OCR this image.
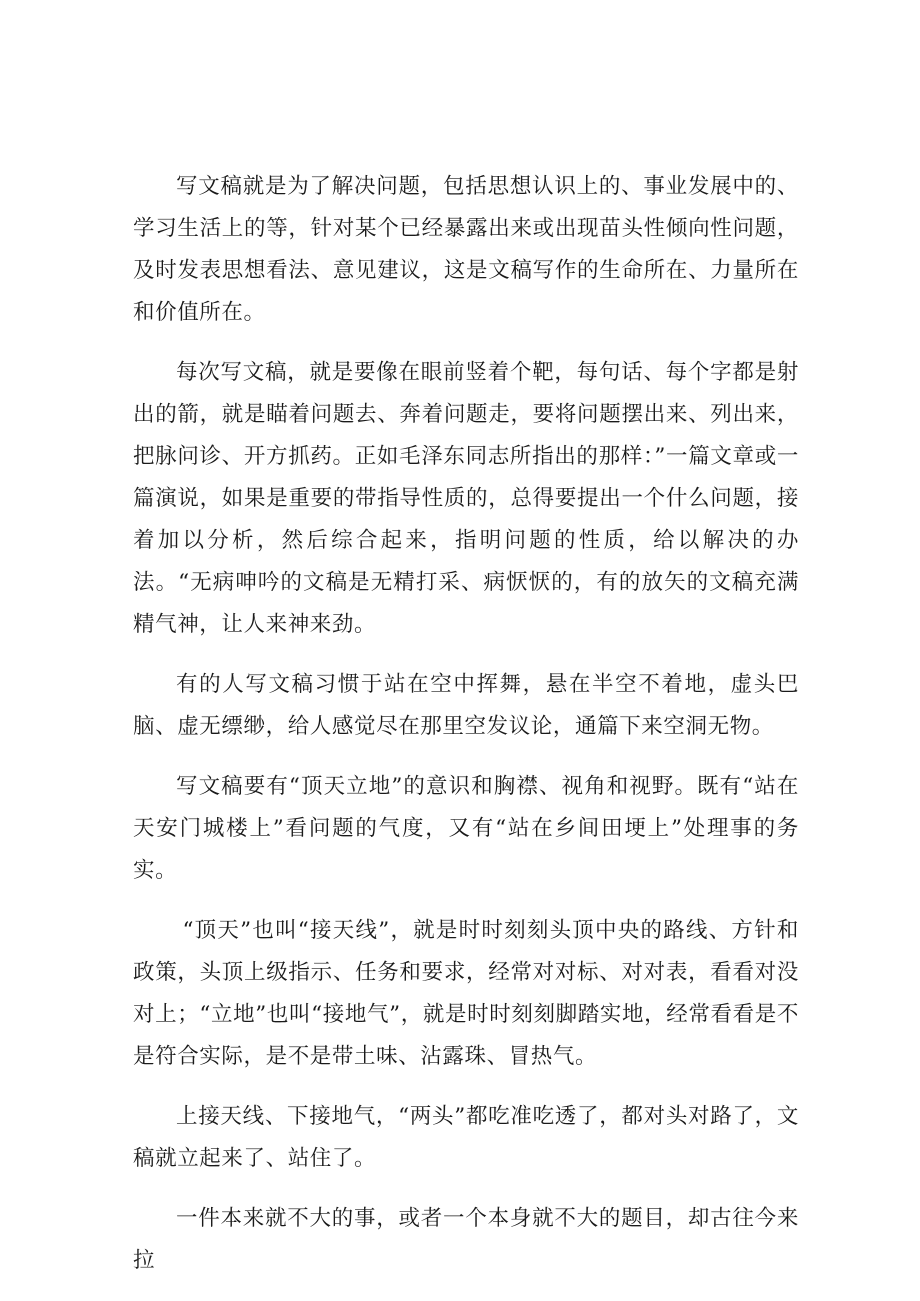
写文稿就是为了解决问题，包括思想认识上的、事业发展中的、学习生活上的等，针对某个已经暴露出来或出现苗头性倾向性问题，及时发表思想看法、意见建议，这是文稿写作的生命所在、力量所在和价值所在。

每次写文稿，就是要像在眼前竖着个靶，每句话、每个字都是射出的箭，就是瞄着问题去、奔着问题走，要将问题摆出来、列出来，把脉问诊、开方抓药。正如毛泽东同志所指出的那样：”一篇文章或一篇演说，如果是重要的带指导性质的，总得要提出一个什么问题，接着加以分析，然后综合起来，指明问题的性质，给以解决的办法。“无病呻吟的文稿是无精打采、病恹恹的，有的放矢的文稿充满精气神，让人来神来劲。

有的人写文稿习惯于站在空中挥舞，悬在半空不着地，虚头巴脑、虚无缥缈，给人感觉尽在那里空发议论，通篇下来空洞无物。

写文稿要有“顶天立地”的意识和胸襟、视角和视野。既有“站在天安门城楼上”看问题的气度，又有“站在乡间田埂上”处理事的务实。

“顶天”也叫“接天线”，就是时时刻刻头顶中央的路线、方针和政策，头顶上级指示、任务和要求，经常对对标、对对表，看看对没对上；“立地”也叫“接地气”，就是时时刻刻脚踏实地，经常看看是不是符合实际，是不是带土味、沾露珠、冒热气。

上接天线、下接地气，“两头”都吃准吃透了，都对头对路了，文稿就立起来了、站住了。

一件本来就不大的事，或者一个本身就不大的题目，却古往今来拉
